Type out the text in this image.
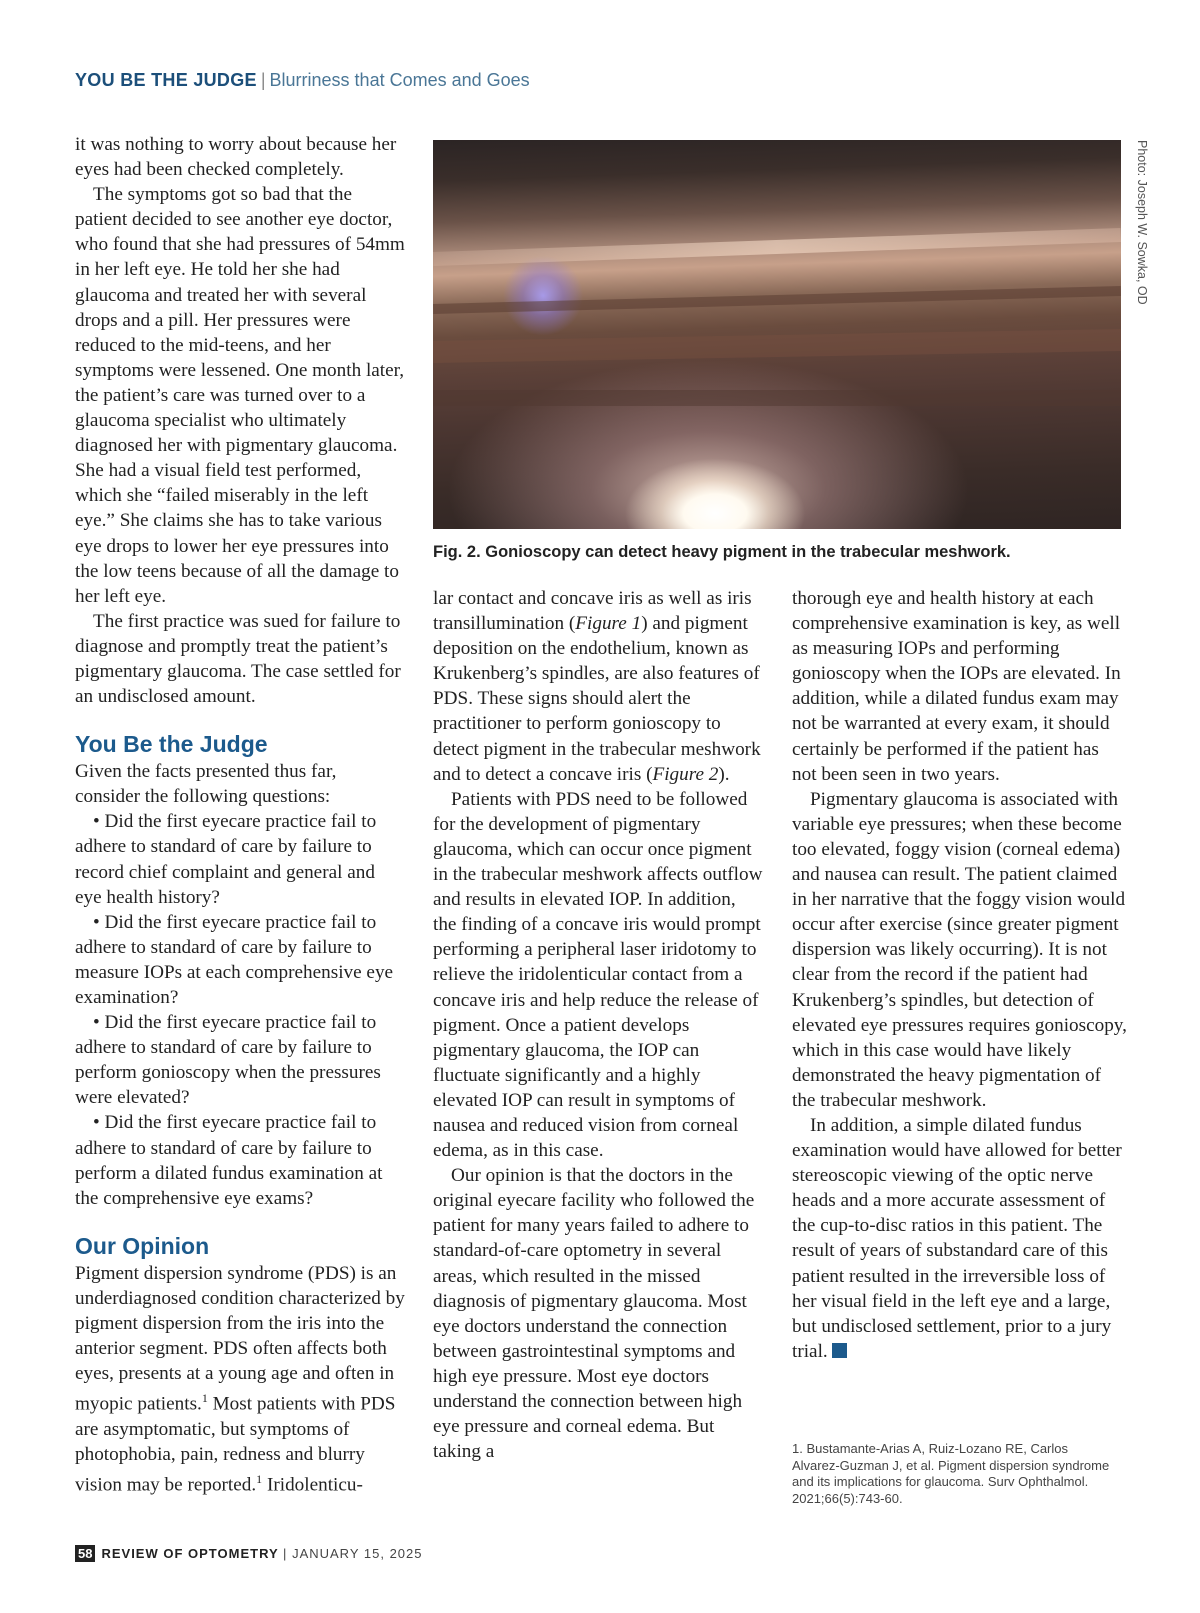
YOU BE THE JUDGE | Blurriness that Comes and Goes

it was nothing to worry about because her eyes had been checked completely.

The symptoms got so bad that the patient decided to see another eye doctor, who found that she had pressures of 54mm in her left eye. He told her she had glaucoma and treated her with several drops and a pill. Her pressures were reduced to the mid-teens, and her symptoms were lessened. One month later, the patient’s care was turned over to a glaucoma specialist who ultimately diagnosed her with pigmentary glaucoma. She had a visual field test performed, which she “failed miserably in the left eye.” She claims she has to take various eye drops to lower her eye pressures into the low teens because of all the damage to her left eye.

The first practice was sued for failure to diagnose and promptly treat the patient’s pigmentary glaucoma. The case settled for an undisclosed amount.

You Be the Judge

Given the facts presented thus far, consider the following questions:

• Did the first eyecare practice fail to adhere to standard of care by failure to record chief complaint and general and eye health history?

• Did the first eyecare practice fail to adhere to standard of care by failure to measure IOPs at each comprehensive eye examination?

• Did the first eyecare practice fail to adhere to standard of care by failure to perform gonioscopy when the pressures were elevated?

• Did the first eyecare practice fail to adhere to standard of care by failure to perform a dilated fundus examination at the comprehensive eye exams?

Our Opinion

Pigment dispersion syndrome (PDS) is an underdiagnosed condition characterized by pigment dispersion from the iris into the anterior segment. PDS often affects both eyes, presents at a young age and often in myopic patients.$^1$ Most patients with PDS are asymptomatic, but symptoms of photophobia, pain, redness and blurry vision may be reported.$^1$ Iridolenticu-

Photo: Joseph W. Sowka, OD
Fig. 2. Gonioscopy can detect heavy pigment in the trabecular meshwork.

lar contact and concave iris as well as iris transillumination (Figure 1) and pigment deposition on the endothelium, known as Krukenberg’s spindles, are also features of PDS. These signs should alert the practitioner to perform gonioscopy to detect pigment in the trabecular meshwork and to detect a concave iris (Figure 2).

Patients with PDS need to be followed for the development of pigmentary glaucoma, which can occur once pigment in the trabecular meshwork affects outflow and results in elevated IOP. In addition, the finding of a concave iris would prompt performing a peripheral laser iridotomy to relieve the iridolenticular contact from a concave iris and help reduce the release of pigment. Once a patient develops pigmentary glaucoma, the IOP can fluctuate significantly and a highly elevated IOP can result in symptoms of nausea and reduced vision from corneal edema, as in this case.

Our opinion is that the doctors in the original eyecare facility who followed the patient for many years failed to adhere to standard-of-care optometry in several areas, which resulted in the missed diagnosis of pigmentary glaucoma. Most eye doctors understand the connection between gastrointestinal symptoms and high eye pressure. Most eye doctors understand the connection between high eye pressure and corneal edema. But taking a

thorough eye and health history at each comprehensive examination is key, as well as measuring IOPs and performing gonioscopy when the IOPs are elevated. In addition, while a dilated fundus exam may not be warranted at every exam, it should certainly be performed if the patient has not been seen in two years.

Pigmentary glaucoma is associated with variable eye pressures; when these become too elevated, foggy vision (corneal edema) and nausea can result. The patient claimed in her narrative that the foggy vision would occur after exercise (since greater pigment dispersion was likely occurring). It is not clear from the record if the patient had Krukenberg’s spindles, but detection of elevated eye pressures requires gonioscopy, which in this case would have likely demonstrated the heavy pigmentation of the trabecular meshwork.

In addition, a simple dilated fundus examination would have allowed for better stereoscopic viewing of the optic nerve heads and a more accurate assessment of the cup-to-disc ratios in this patient. The result of years of substandard care of this patient resulted in the irreversible loss of her visual field in the left eye and a large, but undisclosed settlement, prior to a jury trial.

1. Bustamante-Arias A, Ruiz-Lozano RE, Carlos Alvarez-Guzman J, et al. Pigment dispersion syndrome and its implications for glaucoma. Surv Ophthalmol. 2021;66(5):743-60.
58 REVIEW OF OPTOMETRY | JANUARY 15, 2025
